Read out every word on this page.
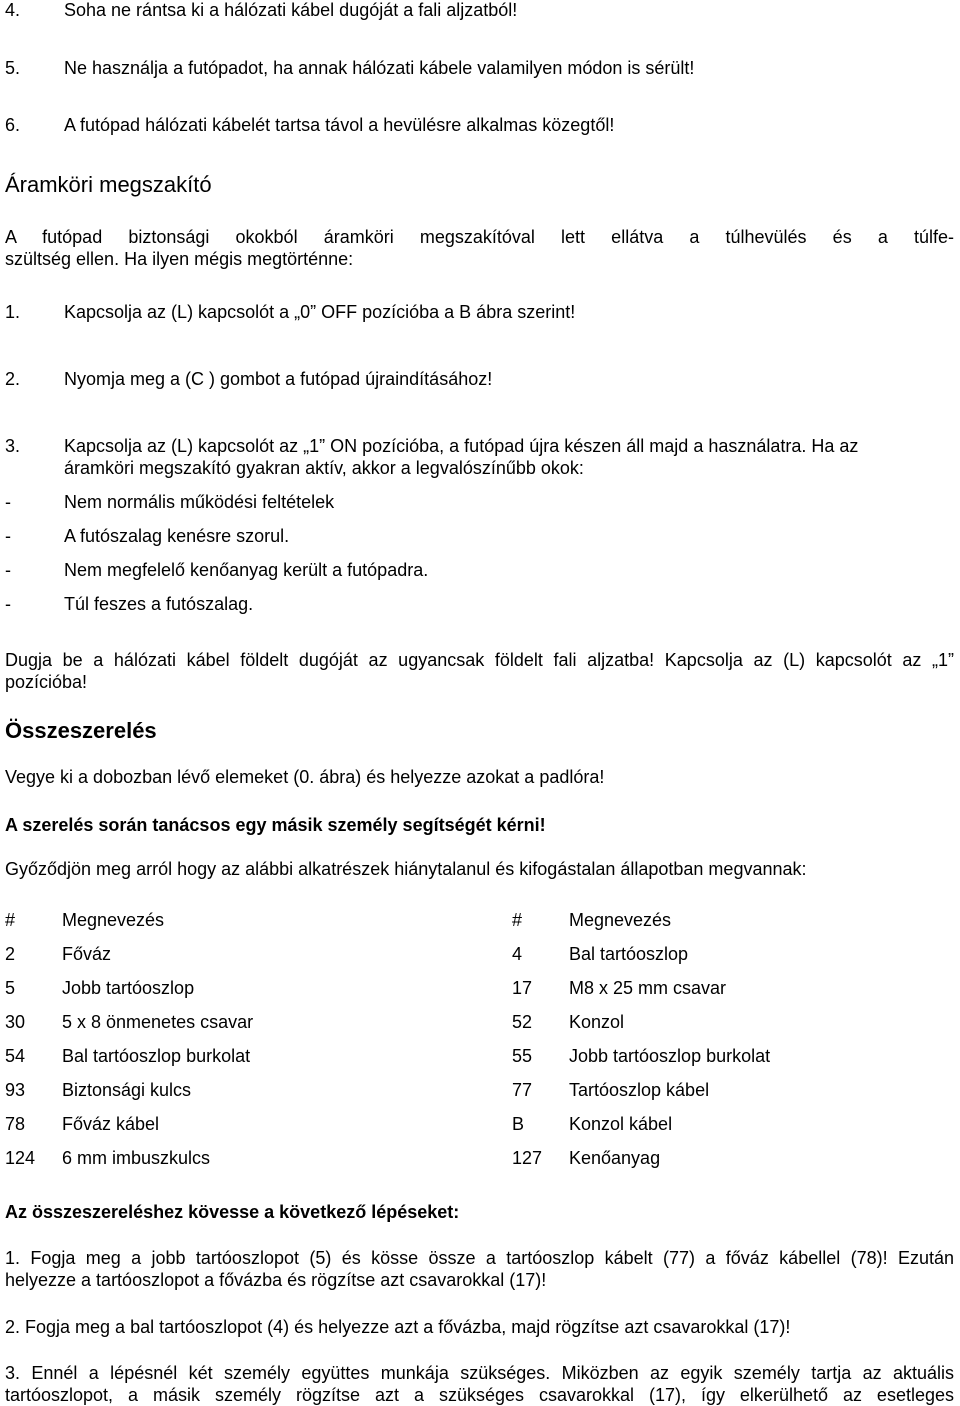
4.	Soha ne rántsa ki a hálózati kábel dugóját a fali aljzatból!
5.	Ne használja a futópadot, ha annak hálózati kábele valamilyen módon is sérült!
6.	A futópad hálózati kábelét tartsa távol a hevülésre alkalmas közegtől!
Áramköri megszakító
A futópad biztonsági okokból áramköri megszakítóval lett ellátva a túlhevülés és a túlfe-
szültség ellen. Ha ilyen mégis megtörténne:
1.	Kapcsolja az (L) kapcsolót a „0” OFF pozícióba a B ábra szerint!
2.	Nyomja meg a (C ) gombot a futópad újraindításához!
3.	Kapcsolja az (L) kapcsolót az „1” ON pozícióba, a futópad újra készen áll majd a használatra. Ha az
áramköri megszakító gyakran aktív, akkor a legvalószínűbb okok:
-	Nem normális működési feltételek
-	A futószalag kenésre szorul.
-	Nem megfelelő kenőanyag került a futópadra.
-	Túl feszes a futószalag.
Dugja be a hálózati kábel földelt dugóját az ugyancsak földelt fali aljzatba! Kapcsolja az (L) kapcsolót az „1”
pozícióba!
Összeszerelés
Vegye ki a dobozban lévő elemeket (0. ábra) és helyezze azokat a padlóra!
A szerelés során tanácsos egy másik személy segítségét kérni!
Győződjön meg arról hogy az alábbi alkatrészek hiánytalanul és kifogástalan állapotban megvannak:
#	Megnevezés	#	Megnevezés
2	Főváz	4	Bal tartóoszlop
5	Jobb tartóoszlop	17	M8 x 25 mm csavar
30	5 x 8 önmenetes csavar	52	Konzol
54	Bal tartóoszlop burkolat	55	Jobb tartóoszlop burkolat
93	Biztonsági kulcs	77	Tartóoszlop kábel
78	Főváz kábel	B	Konzol kábel
124	6 mm imbuszkulcs	127	Kenőanyag
Az összeszereléshez kövesse a következő lépéseket:
1. Fogja meg a jobb tartóoszlopot (5) és kösse össze a tartóoszlop kábelt (77) a főváz kábellel (78)! Ezután
helyezze a tartóoszlopot a fővázba és rögzítse azt csavarokkal (17)!
2. Fogja meg a bal tartóoszlopot (4) és helyezze azt a fővázba, majd rögzítse azt csavarokkal (17)!
3. Ennél a lépésnél két személy együttes munkája szükséges. Miközben az egyik személy tartja az aktuális
tartóoszlopot, a másik személy rögzítse azt a szükséges csavarokkal (17), így elkerülhető az esetleges
